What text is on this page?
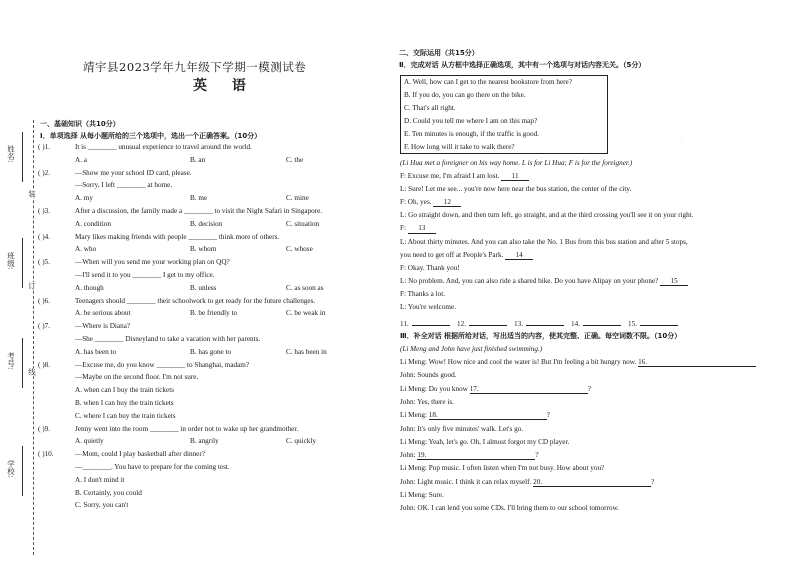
姓名:
班级:
考号:
学校:
装
订
线
靖宇县2023学年九年级下学期一模测试卷
英 语
一、基础知识（共10分）
Ⅰ．单项选择 从每小题所给的三个选项中，选出一个正确答案。（10分）
( )1.	It is ________ unusual experience to travel around the world.
A. a	B. an	C. the
( )2.	—Show me your school ID card, please.
—Sorry, I left ________ at home.
A. my	B. me	C. mine
( )3.	After a discussion, the family made a ________ to visit the Night Safari in Singapore.
A. condition	B. decision	C. situation
( )4.	Mary likes making friends with people ________ think more of others.
A. who	B. whom	C. whose
( )5.	—When will you send me your working plan on QQ?
—I'll send it to you ________ I get to my office.
A. though	B. unless	C. as soon as
( )6.	Teenagers should ________ their schoolwork to get ready for the future challenges.
A. be serious about	B. be friendly to	C. be weak in
( )7.	—Where is Diana?
—She ________ Disneyland to take a vacation with her parents.
A. has been to	B. has gone to	C. has been in
( )8.	—Excuse me, do you know ________ to Shanghai, madam?
—Maybe on the second floor. I'm not sure.
A. when can I buy the train tickets
B. when I can buy the train tickets
C. where I can buy the train tickets
( )9.	Jenny went into the room ________ in order not to wake up her grandmother.
A. quietly	B. angrily	C. quickly
( )10.	—Mom, could I play basketball after dinner?
—________. You have to prepare for the coming test.
A. I don't mind it
B. Certainly, you could
C. Sorry, you can't
二、交际运用（共15分）
Ⅱ．完成对话 从方框中选择正确选项，其中有一个选项与对话内容无关。（5分）
A. Well, how can I get to the nearest bookstore from here?
B. If you do, you can go there on the bike.
C. That's all right.
D. Could you tell me where I am on this map?
E. Ten minutes is enough, if the traffic is good.
F. How long will it take to walk there?
(Li Hua met a foreigner on his way home. L is for Li Hua; F is for the foreigner.)
F: Excuse me, I'm afraid I am lost. 11
L: Sure! Let me see... you're now here near the bus station, the center of the city.
F: Oh, yes. 12
L: Go straight down, and then turn left, go straight, and at the third crossing you'll see it on your right.
F: 13
L: About thirty minutes. And you can also take the No. 1 Bus from this bus station and after 5 stops,
you need to get off at People's Park. 14
F: Okay. Thank you!
L: No problem. And, you can also ride a shared bike. Do you have Alipay on your phone? 15
F: Thanks a lot.
L: You're welcome.
11.	12.	13.	14.	15.
Ⅲ．补全对话 根据所给对话，写出适当的内容，使其完整、正确。每空词数不限。（10分）
(Li Meng and John have just finished swimming.)
Li Meng: Wow! How nice and cool the water is! But I'm feeling a bit hungry now. 16.
John: Sounds good.
Li Meng: Do you know 17.	?
John: Yes, there is.
Li Meng: 18.	?
John: It's only five minutes' walk. Let's go.
Li Meng: Yeah, let's go. Oh, I almost forgot my CD player.
John: 19.	?
Li Meng: Pop music. I often listen when I'm not busy. How about you?
John: Light music. I think it can relax myself. 20.	?
Li Meng: Sure.
John: OK. I can lend you some CDs. I'll bring them to our school tomorrow.
·
